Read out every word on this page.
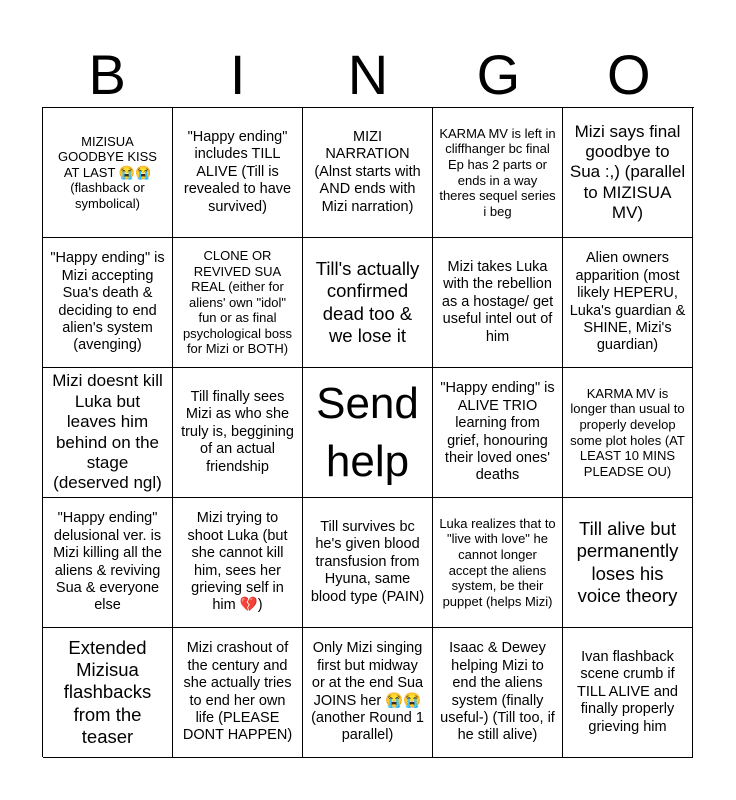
B	I	N	G	O
MIZISUA GOODBYE KISS AT LAST 😭😭 (flashback or symbolical)
"Happy ending" includes TILL ALIVE (Till is revealed to have survived)
MIZI NARRATION (Alnst starts with AND ends with Mizi narration)
KARMA MV is left in cliffhanger bc final Ep has 2 parts or ends in a way theres sequel series i beg
Mizi says final goodbye to Sua :,) (parallel to MIZISUA MV)
"Happy ending" is Mizi accepting Sua's death & deciding to end alien's system (avenging)
CLONE OR REVIVED SUA REAL (either for aliens' own "idol" fun or as final psychological boss for Mizi or BOTH)
Till's actually confirmed dead too & we lose it
Mizi takes Luka with the rebellion as a hostage/ get useful intel out of him
Alien owners apparition (most likely HEPERU, Luka's guardian & SHINE, Mizi's guardian)
Mizi doesnt kill Luka but leaves him behind on the stage (deserved ngl)
Till finally sees Mizi as who she truly is, beggining of an actual friendship
Send help
"Happy ending" is ALIVE TRIO learning from grief, honouring their loved ones' deaths
KARMA MV is longer than usual to properly develop some plot holes (AT LEAST 10 MINS PLEADSE OU)
"Happy ending" delusional ver. is Mizi killing all the aliens & reviving Sua & everyone else
Mizi trying to shoot Luka (but she cannot kill him, sees her grieving self in him 💔)
Till survives bc he's given blood transfusion from Hyuna, same blood type (PAIN)
Luka realizes that to "live with love" he cannot longer accept the aliens system, be their puppet (helps Mizi)
Till alive but permanently loses his voice theory
Extended Mizisua flashbacks from the teaser
Mizi crashout of the century and she actually tries to end her own life (PLEASE DONT HAPPEN)
Only Mizi singing first but midway or at the end Sua JOINS her 😭😭 (another Round 1 parallel)
Isaac & Dewey helping Mizi to end the aliens system (finally useful-) (Till too, if he still alive)
Ivan flashback scene crumb if TILL ALIVE and finally properly grieving him
